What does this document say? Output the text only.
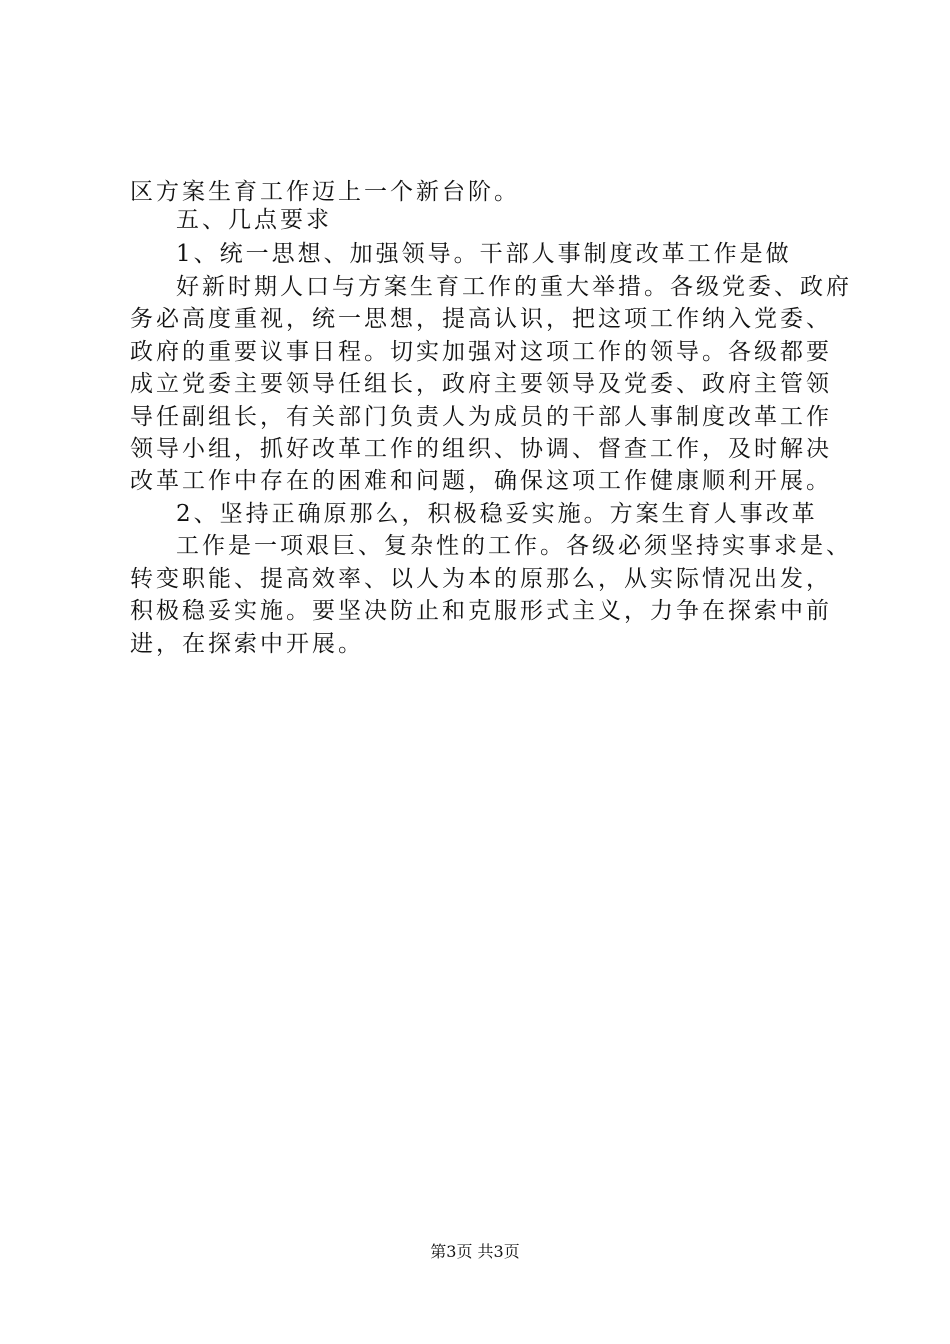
区方案生育工作迈上一个新台阶。
五、几点要求
1、统一思想、加强领导。干部人事制度改革工作是做
好新时期人口与方案生育工作的重大举措。各级党委、政府
务必高度重视，统一思想，提高认识，把这项工作纳入党委、
政府的重要议事日程。切实加强对这项工作的领导。各级都要
成立党委主要领导任组长，政府主要领导及党委、政府主管领
导任副组长，有关部门负责人为成员的干部人事制度改革工作
领导小组，抓好改革工作的组织、协调、督查工作，及时解决
改革工作中存在的困难和问题，确保这项工作健康顺利开展。
2、坚持正确原那么，积极稳妥实施。方案生育人事改革
工作是一项艰巨、复杂性的工作。各级必须坚持实事求是、
转变职能、提高效率、以人为本的原那么，从实际情况出发，
积极稳妥实施。要坚决防止和克服形式主义，力争在探索中前
进，在探索中开展。
第3页 共3页
